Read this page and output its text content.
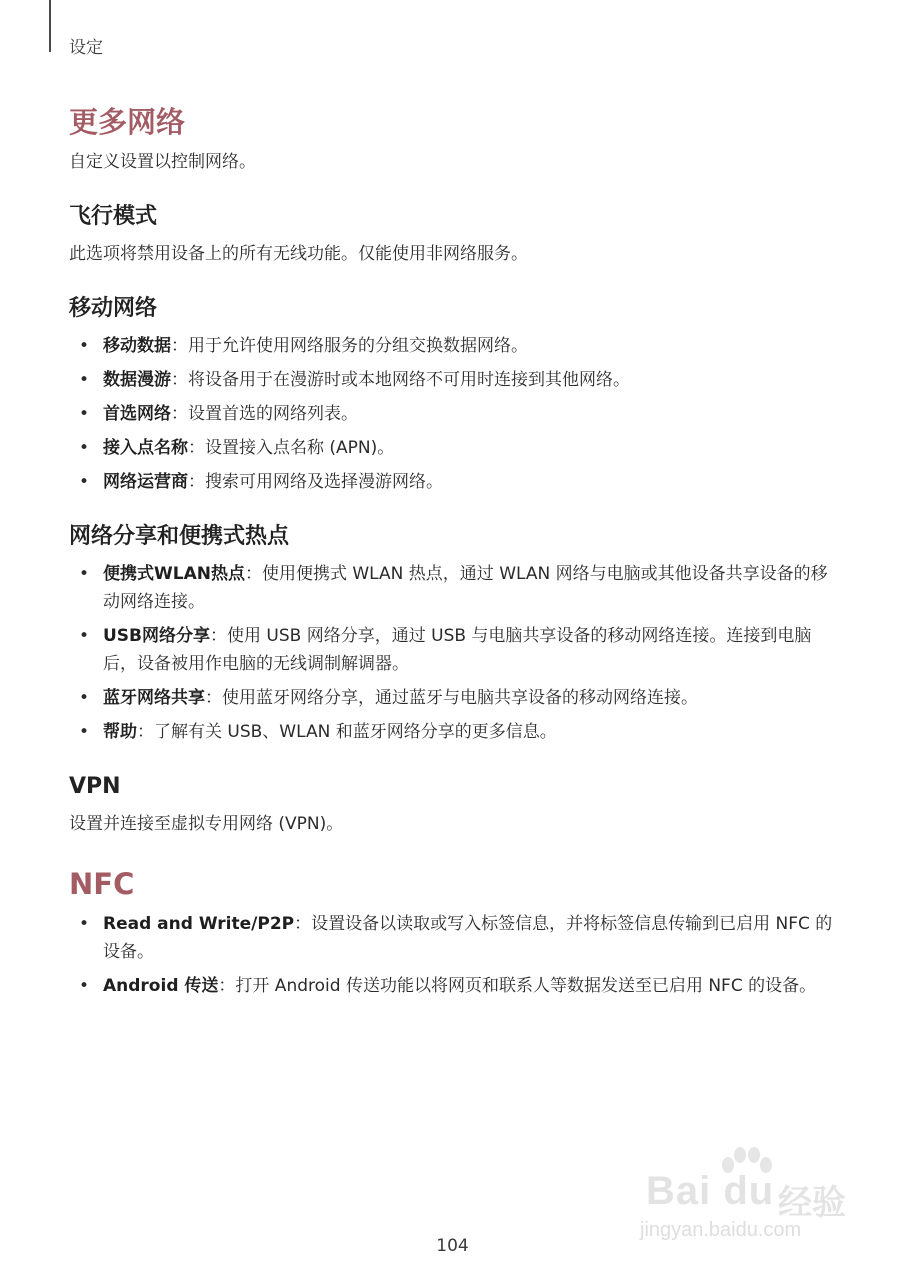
设定
更多网络

自定义设置以控制网络。

飞行模式

此选项将禁用设备上的所有无线功能。仅能使用非网络服务。

移动网络
• 移动数据：用于允许使用网络服务的分组交换数据网络。
• 数据漫游：将设备用于在漫游时或本地网络不可用时连接到其他网络。
• 首选网络：设置首选的网络列表。
• 接入点名称：设置接入点名称 (APN)。
• 网络运营商：搜索可用网络及选择漫游网络。
网络分享和便携式热点
• 便携式WLAN热点：使用便携式 WLAN 热点，通过 WLAN 网络与电脑或其他设备共享设备的移动网络连接。
• USB网络分享：使用 USB 网络分享，通过 USB 与电脑共享设备的移动网络连接。连接到电脑后，设备被用作电脑的无线调制解调器。
• 蓝牙网络共享：使用蓝牙网络分享，通过蓝牙与电脑共享设备的移动网络连接。
• 帮助：了解有关 USB、WLAN 和蓝牙网络分享的更多信息。
VPN

设置并连接至虚拟专用网络 (VPN)。

NFC
• Read and Write/P2P：设置设备以读取或写入标签信息，并将标签信息传输到已启用 NFC 的设备。
• Android 传送：打开 Android 传送功能以将网页和联系人等数据发送至已启用 NFC 的设备。
Bai du 经验
jingyan.baidu.com
104
